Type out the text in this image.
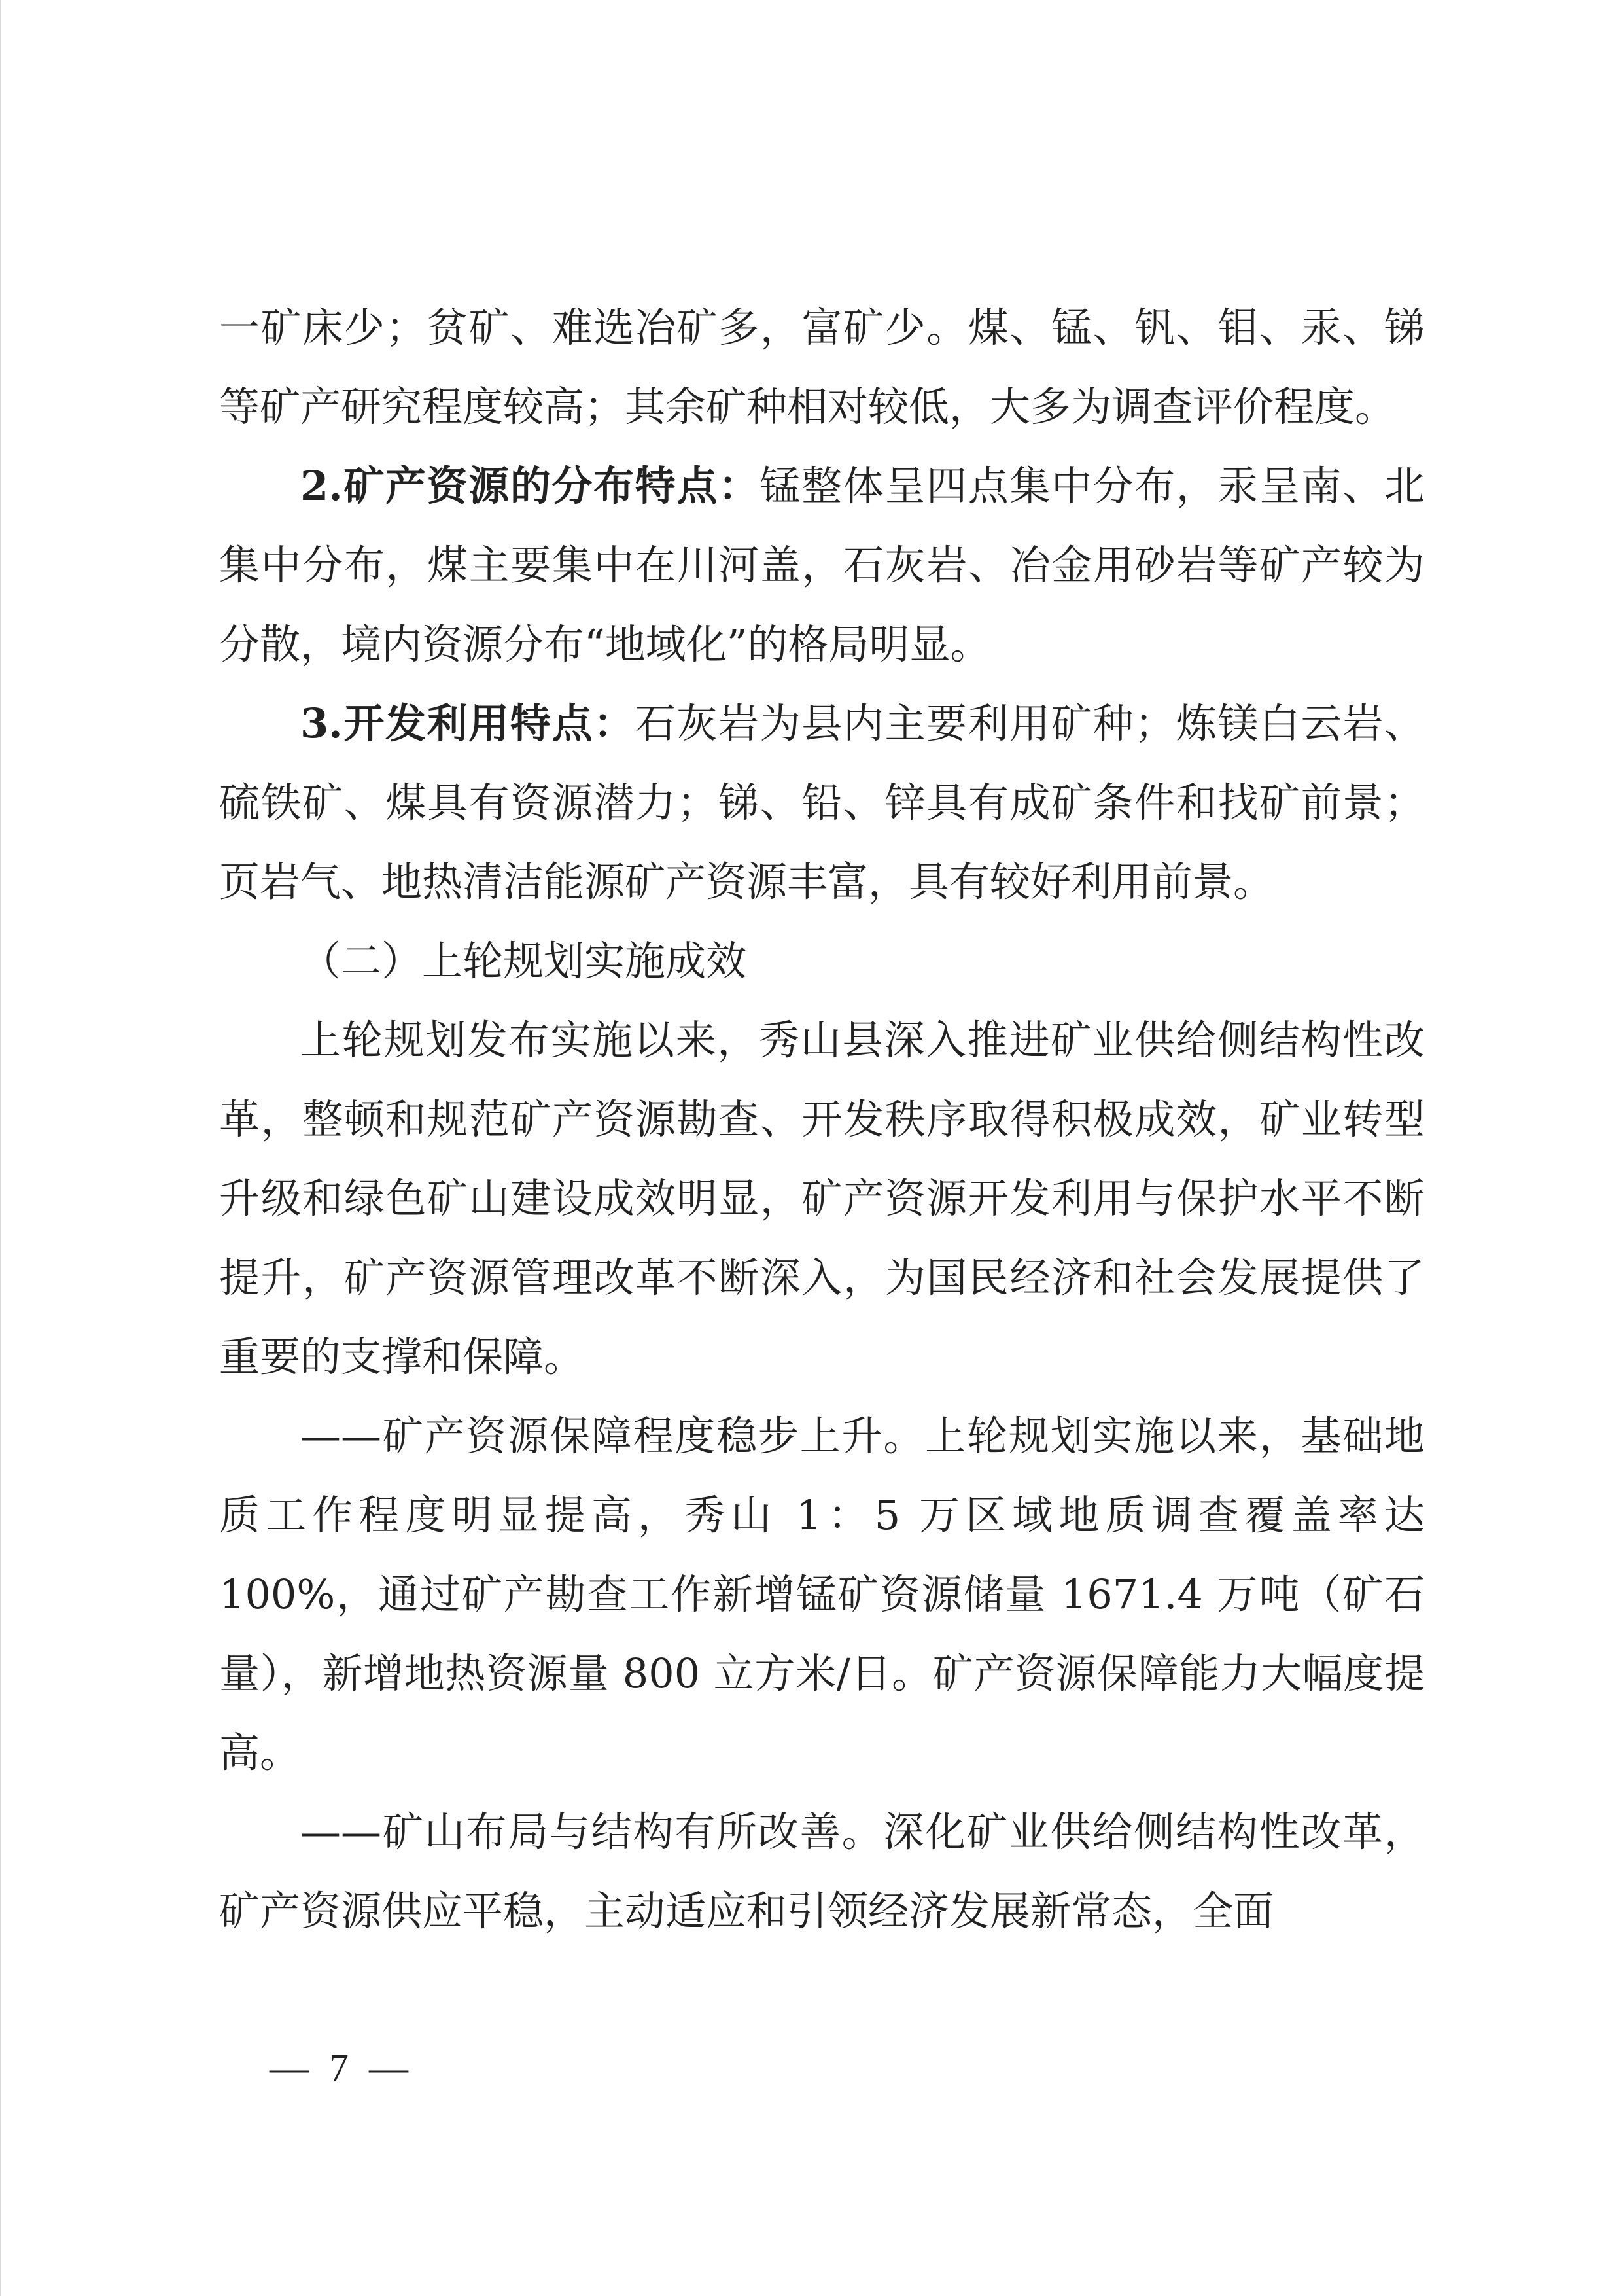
一矿床少；贫矿、难选冶矿多，富矿少。煤、锰、钒、钼、汞、锑等矿产研究程度较高；其余矿种相对较低，大多为调查评价程度。

2.矿产资源的分布特点：锰整体呈四点集中分布，汞呈南、北集中分布，煤主要集中在川河盖，石灰岩、冶金用砂岩等矿产较为分散，境内资源分布“地域化”的格局明显。

3.开发利用特点：石灰岩为县内主要利用矿种；炼镁白云岩、硫铁矿、煤具有资源潜力；锑、铅、锌具有成矿条件和找矿前景；页岩气、地热清洁能源矿产资源丰富，具有较好利用前景。

（二）上轮规划实施成效

上轮规划发布实施以来，秀山县深入推进矿业供给侧结构性改革，整顿和规范矿产资源勘查、开发秩序取得积极成效，矿业转型升级和绿色矿山建设成效明显，矿产资源开发利用与保护水平不断提升，矿产资源管理改革不断深入，为国民经济和社会发展提供了重要的支撑和保障。

——矿产资源保障程度稳步上升。上轮规划实施以来，基础地质工作程度明显提高，秀山 1：5 万区域地质调查覆盖率达100%，通过矿产勘查工作新增锰矿资源储量 1671.4 万吨（矿石量），新增地热资源量 800 立方米/日。矿产资源保障能力大幅度提高。

——矿山布局与结构有所改善。深化矿业供给侧结构性改革，矿产资源供应平稳，主动适应和引领经济发展新常态，全面

— 7 —
